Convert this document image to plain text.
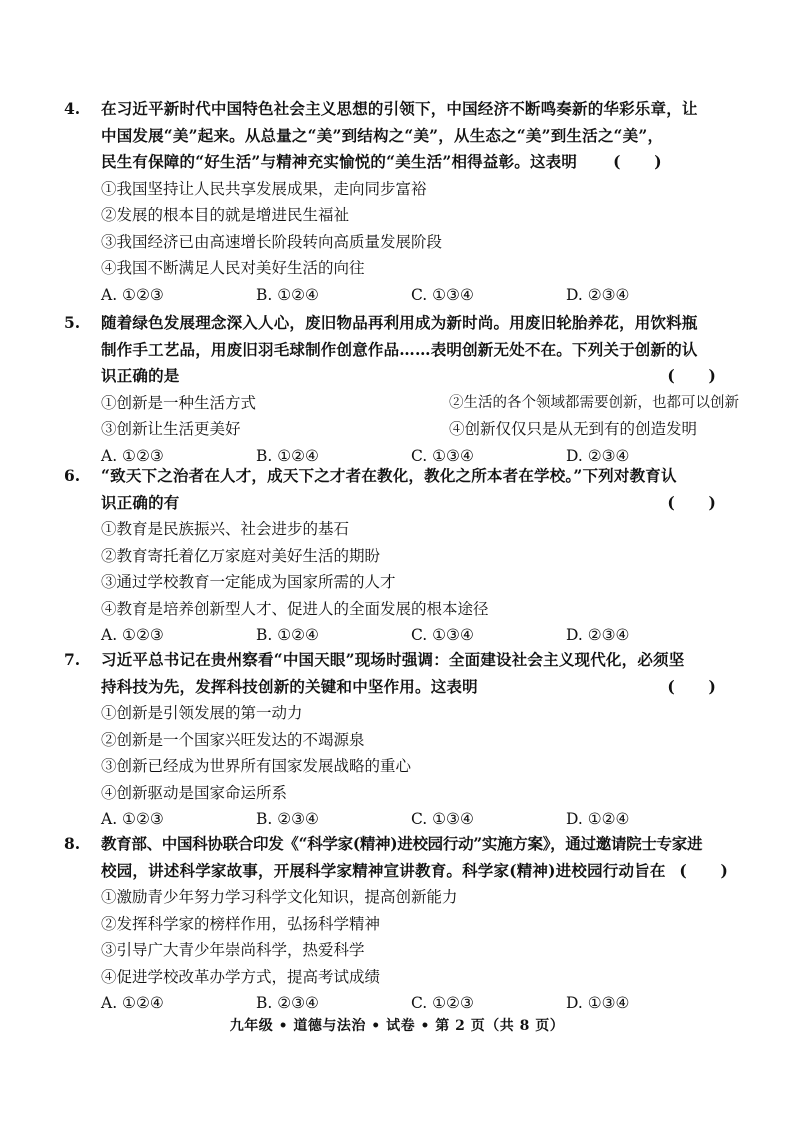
4. 在习近平新时代中国特色社会主义思想的引领下，中国经济不断鸣奏新的华彩乐章，让
中国发展“美”起来。从总量之“美”到结构之“美”，从生态之“美”到生活之“美”，
民生有保障的“好生活”与精神充实愉悦的“美生活”相得益彰。这表明 (      )
①我国坚持让人民共享发展成果，走向同步富裕
②发展的根本目的就是增进民生福祉
③我国经济已由高速增长阶段转向高质量发展阶段
④我国不断满足人民对美好生活的向往
A. ①②③	B. ①②④	C. ①③④	D. ②③④
5. 随着绿色发展理念深入人心，废旧物品再利用成为新时尚。用废旧轮胎养花，用饮料瓶
制作手工艺品，用废旧羽毛球制作创意作品……表明创新无处不在。下列关于创新的认
识正确的是	(      )
①创新是一种生活方式	②生活的各个领域都需要创新，也都可以创新
③创新让生活更美好	④创新仅仅只是从无到有的创造发明
A. ①②③	B. ①②④	C. ①③④	D. ②③④
6. “致天下之治者在人才，成天下之才者在教化，教化之所本者在学校。”下列对教育认
识正确的有	(      )
①教育是民族振兴、社会进步的基石
②教育寄托着亿万家庭对美好生活的期盼
③通过学校教育一定能成为国家所需的人才
④教育是培养创新型人才、促进人的全面发展的根本途径
A. ①②③	B. ①②④	C. ①③④	D. ②③④
7. 习近平总书记在贵州察看“中国天眼”现场时强调：全面建设社会主义现代化，必须坚
持科技为先，发挥科技创新的关键和中坚作用。这表明	(      )
①创新是引领发展的第一动力
②创新是一个国家兴旺发达的不竭源泉
③创新已经成为世界所有国家发展战略的重心
④创新驱动是国家命运所系
A. ①②③	B. ②③④	C. ①③④	D. ①②④
8. 教育部、中国科协联合印发《“科学家(精神)进校园行动”实施方案》，通过邀请院士专家进
校园，讲述科学家故事，开展科学家精神宣讲教育。科学家(精神)进校园行动旨在 (      )
①激励青少年努力学习科学文化知识，提高创新能力
②发挥科学家的榜样作用，弘扬科学精神
③引导广大青少年崇尚科学，热爱科学
④促进学校改革办学方式，提高考试成绩
A. ①②④	B. ②③④	C. ①②③	D. ①③④
九年级 • 道德与法治 • 试卷 • 第 2 页（共 8 页）
